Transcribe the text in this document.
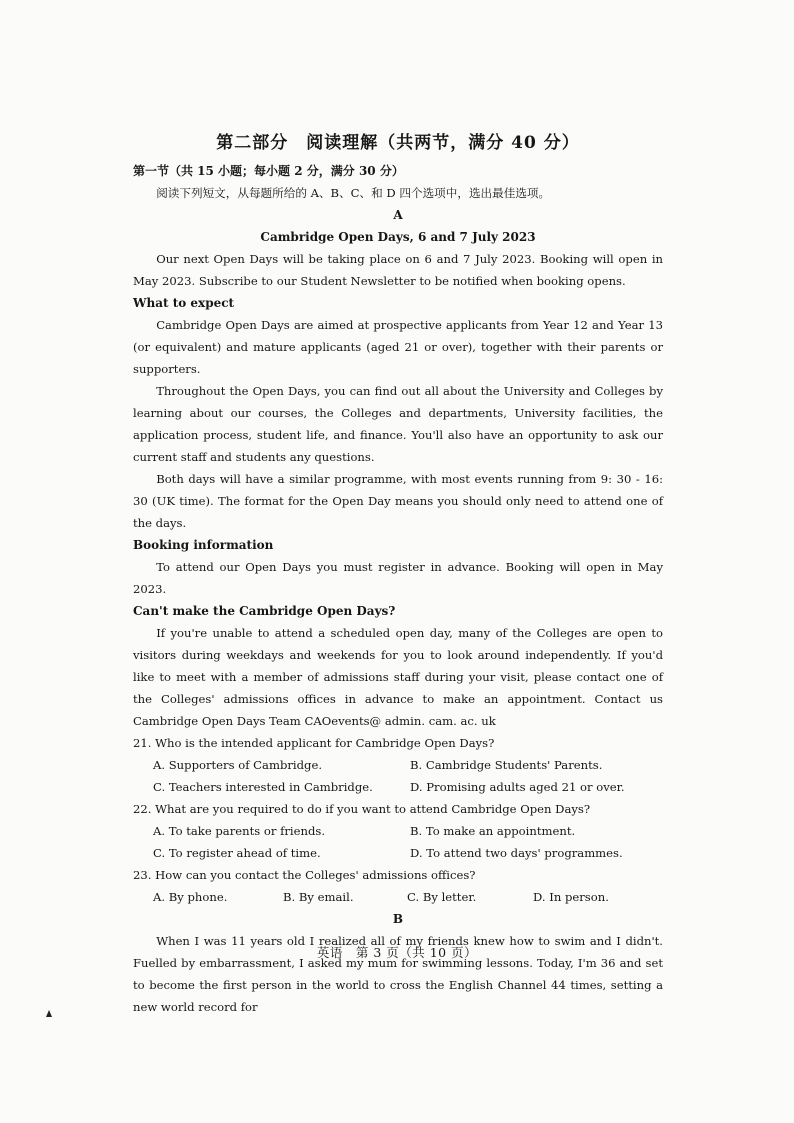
第二部分　阅读理解（共两节，满分 40 分）
第一节（共 15 小题；每小题 2 分，满分 30 分）
阅读下列短文，从每题所给的 A、B、C、和 D 四个选项中，选出最佳选项。
A
Cambridge Open Days, 6 and 7 July 2023
Our next Open Days will be taking place on 6 and 7 July 2023. Booking will open in May 2023. Subscribe to our Student Newsletter to be notified when booking opens.
What to expect
Cambridge Open Days are aimed at prospective applicants from Year 12 and Year 13 (or equivalent) and mature applicants (aged 21 or over), together with their parents or supporters.
Throughout the Open Days, you can find out all about the University and Colleges by learning about our courses, the Colleges and departments, University facilities, the application process, student life, and finance. You'll also have an opportunity to ask our current staff and students any questions.
Both days will have a similar programme, with most events running from 9: 30 - 16: 30 (UK time). The format for the Open Day means you should only need to attend one of the days.
Booking information
To attend our Open Days you must register in advance. Booking will open in May 2023.
Can't make the Cambridge Open Days?
If you're unable to attend a scheduled open day, many of the Colleges are open to visitors during weekdays and weekends for you to look around independently. If you'd like to meet with a member of admissions staff during your visit, please contact one of the Colleges' admissions offices in advance to make an appointment. Contact us Cambridge Open Days Team CAOevents@ admin. cam. ac. uk
21. Who is the intended applicant for Cambridge Open Days?
A. Supporters of Cambridge.	B. Cambridge Students' Parents.
C. Teachers interested in Cambridge.	D. Promising adults aged 21 or over.
22. What are you required to do if you want to attend Cambridge Open Days?
A. To take parents or friends.	B. To make an appointment.
C. To register ahead of time.	D. To attend two days' programmes.
23. How can you contact the Colleges' admissions offices?
A. By phone.	B. By email.	C. By letter.	D. In person.
B
When I was 11 years old I realized all of my friends knew how to swim and I didn't. Fuelled by embarrassment, I asked my mum for swimming lessons. Today, I'm 36 and set to become the first person in the world to cross the English Channel 44 times, setting a new world record for
英语　第 3 页（共 10 页）
